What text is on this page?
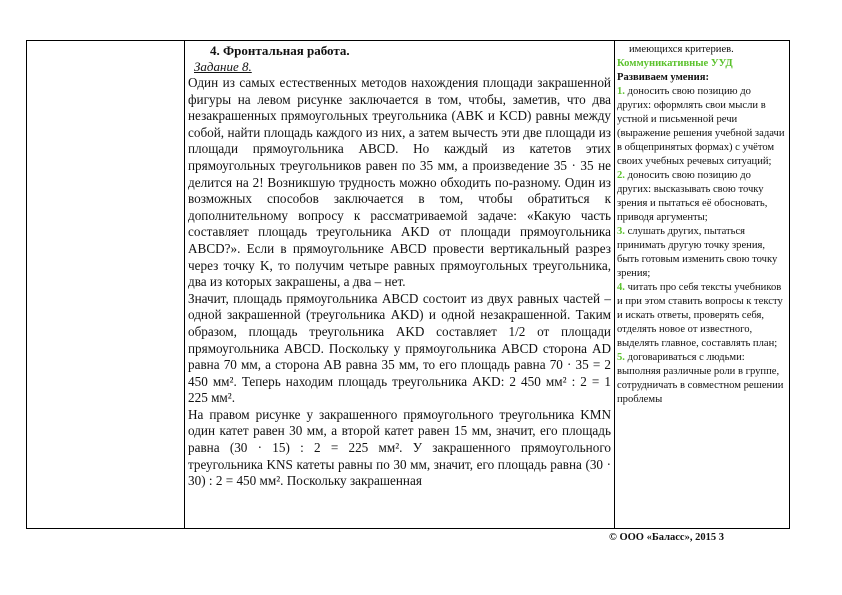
4. Фронтальная работа.
Задание 8.

Один из самых естественных методов нахождения площади закрашенной фигуры на левом рисунке заключается в том, чтобы, заметив, что два незакрашенных прямоугольных треугольника (ABK и KCD) равны между собой, найти площадь каждого из них, а затем вычесть эти две площади из площади прямоугольника ABCD. Но каждый из катетов этих прямоугольных треугольников равен по 35 мм, а произведение 35 · 35 не делится на 2! Возникшую трудность можно обходить по-разному. Один из возможных способов заключается в том, чтобы обратиться к дополнительному вопросу к рассматриваемой задаче: «Какую часть составляет площадь треугольника AKD от площади прямоугольника ABCD?». Если в прямоугольнике ABCD провести вертикальный разрез через точку K, то получим четыре равных прямоугольных треугольника, два из которых закрашены, а два – нет.

Значит, площадь прямоугольника ABCD состоит из двух равных частей – одной закрашенной (треугольника AKD) и одной незакрашенной. Таким образом, площадь треугольника AKD составляет 1/2 от площади прямоугольника ABCD. Поскольку у прямоугольника ABCD сторона AD равна 70 мм, а сторона AB равна 35 мм, то его площадь равна 70 · 35 = 2 450 мм². Теперь находим площадь треугольника AKD: 2 450 мм² : 2 = 1 225 мм².

На правом рисунке у закрашенного прямоугольного треугольника KMN один катет равен 30 мм, а второй катет равен 15 мм, значит, его площадь равна (30 · 15) : 2 = 225 мм². У закрашенного прямоугольного треугольника KNS катеты равны по 30 мм, значит, его площадь равна (30 · 30) : 2 = 450 мм². Поскольку закрашенная

имеющихся критериев.

Коммуникативные УУД

Развиваем умения:

1. доносить свою позицию до других: оформлять свои мысли в устной и письменной речи (выражение решения учебной задачи в общепринятых формах) с учётом своих учебных речевых ситуаций;

2. доносить свою позицию до других: высказывать свою точку зрения и пытаться её обосновать, приводя аргументы;

3. слушать других, пытаться принимать другую точку зрения, быть готовым изменить свою точку зрения;

4. читать про себя тексты учебников и при этом ставить вопросы к тексту и искать ответы, проверять себя, отделять новое от известного, выделять главное, составлять план;

5. договариваться с людьми: выполняя различные роли в группе, сотрудничать в совместном решении проблемы

© ООО «Баласс», 2015 3
